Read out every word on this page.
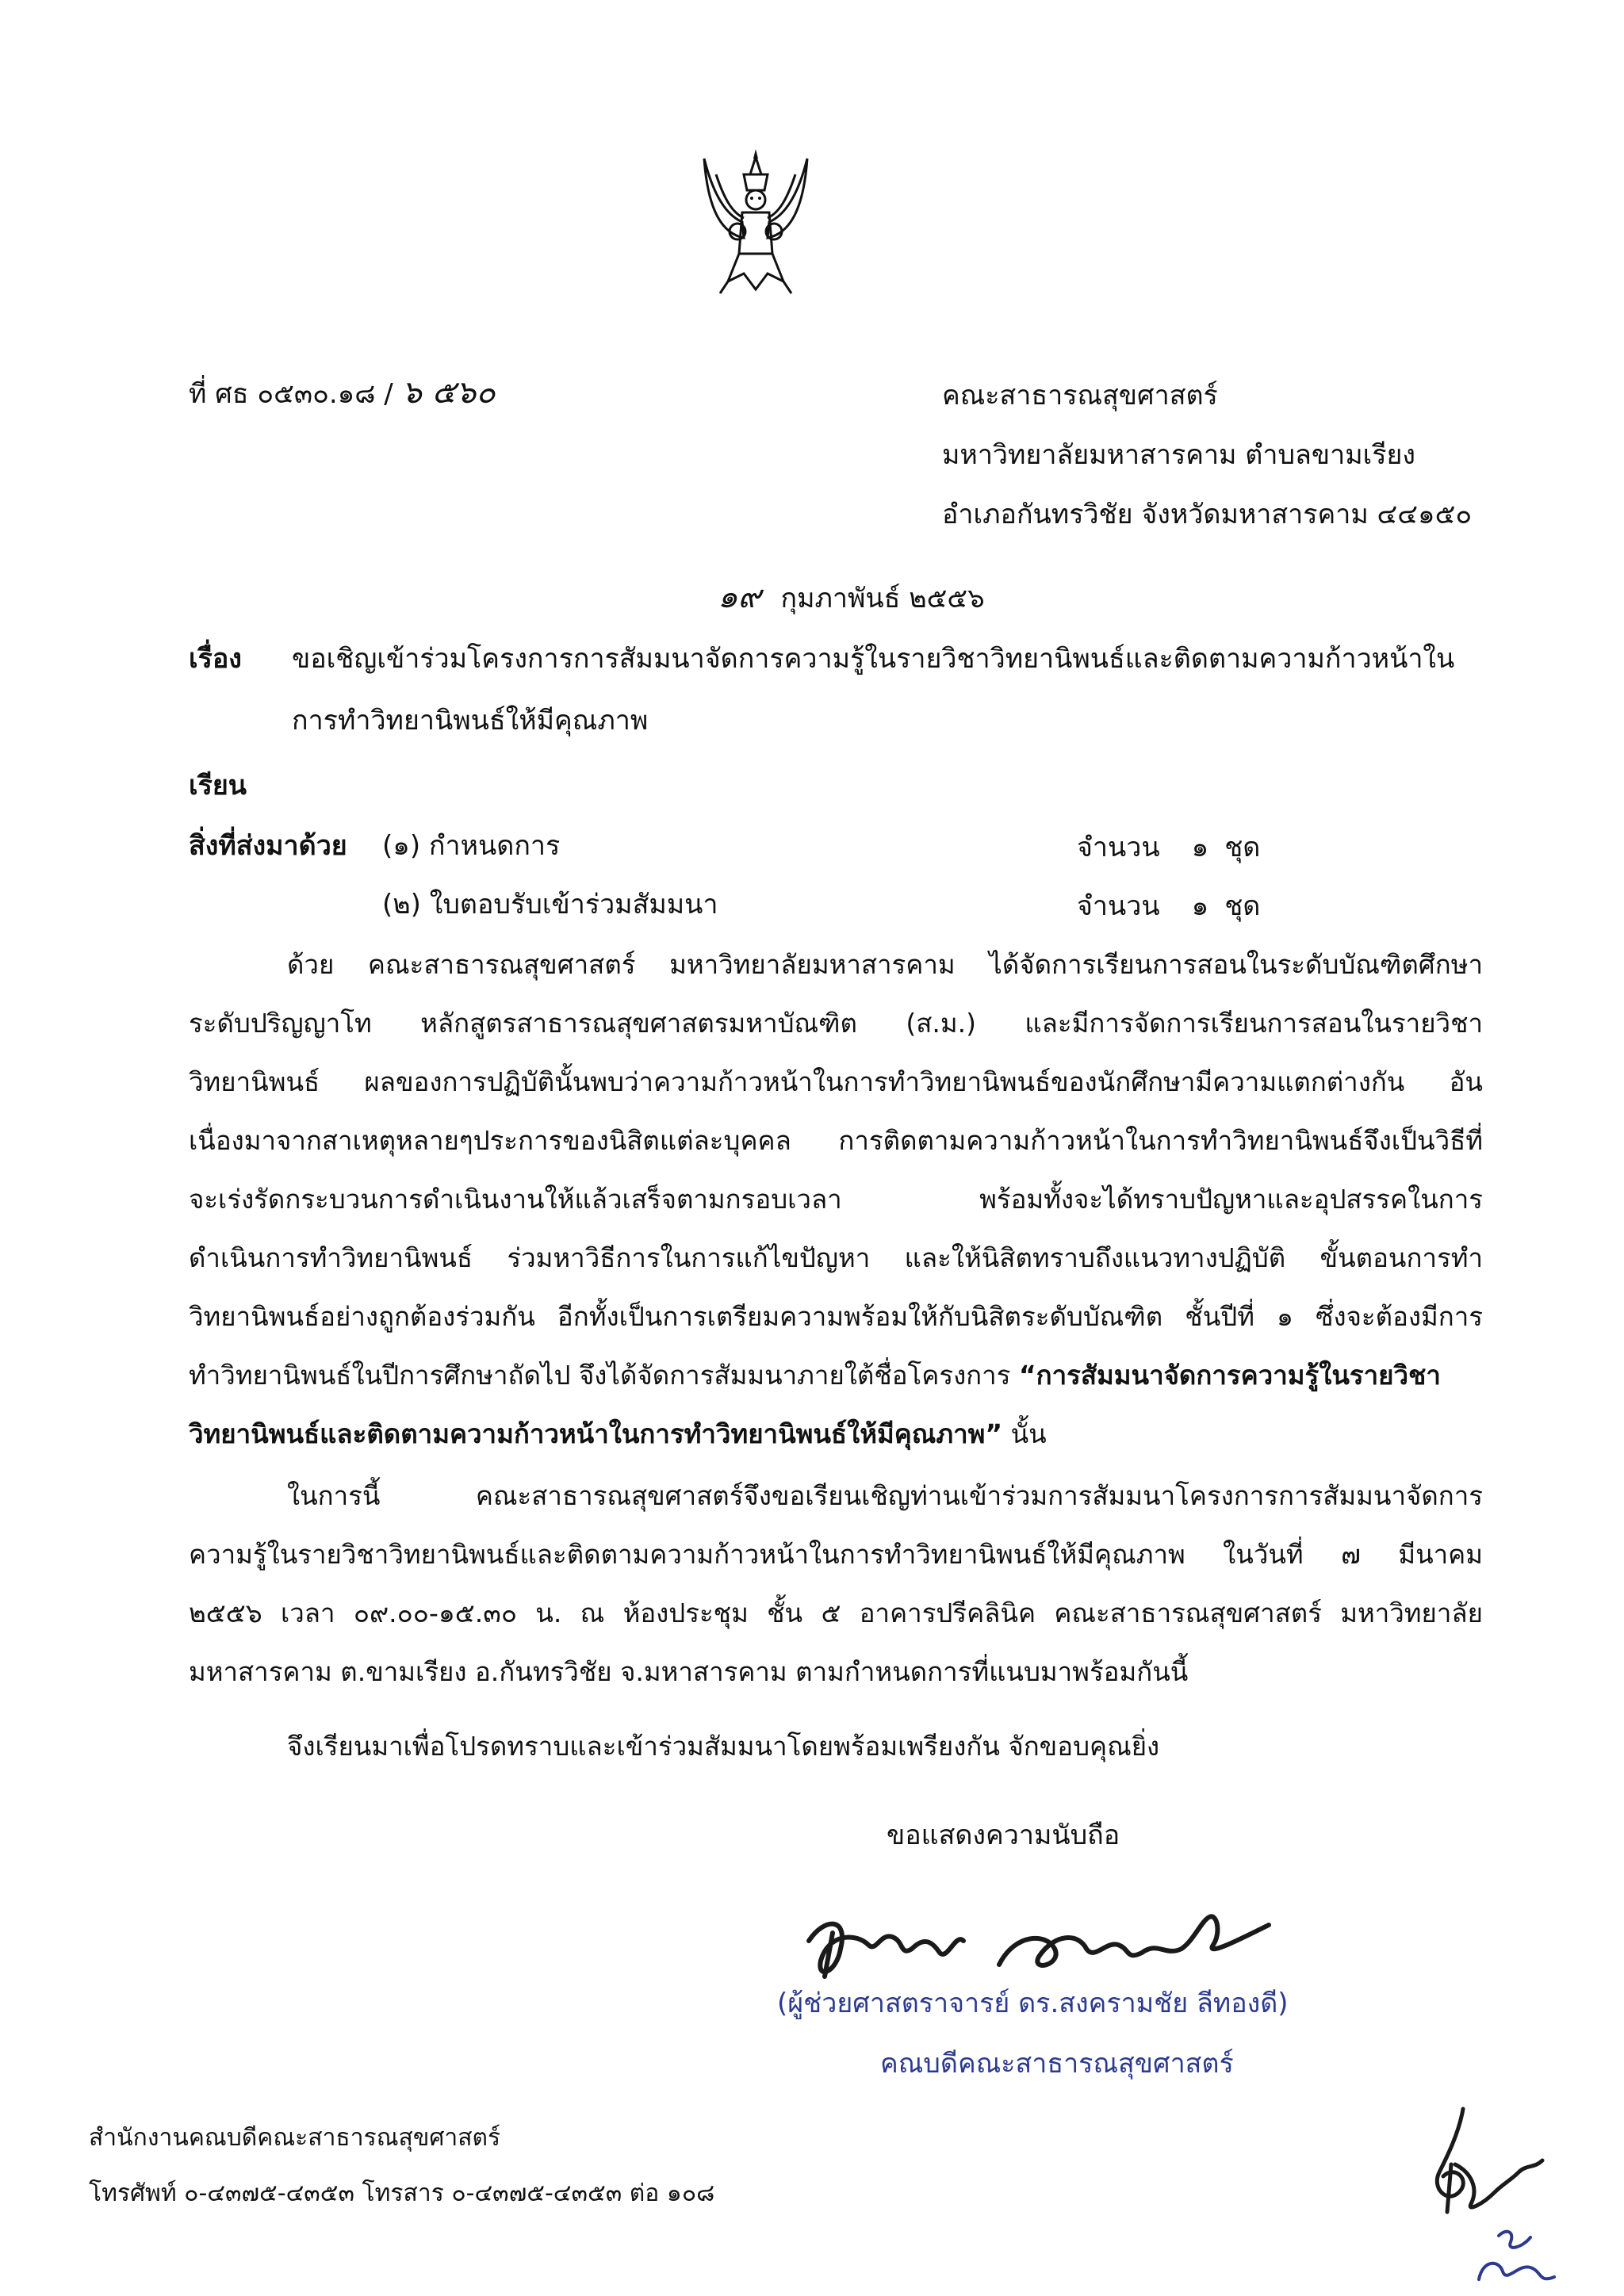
ที่ ศธ ๐๕๓๐.๑๘ / ๖ ๕๖๐	คณะสาธารณสุขศาสตร์
มหาวิทยาลัยมหาสารคาม ตำบลขามเรียง
อำเภอกันทรวิชัย จังหวัดมหาสารคาม ๔๔๑๕๐
๑๙ กุมภาพันธ์ ๒๕๕๖
เรื่อง ขอเชิญเข้าร่วมโครงการการสัมมนาจัดการความรู้ในรายวิชาวิทยานิพนธ์และติดตามความก้าวหน้าใน
การทำวิทยานิพนธ์ให้มีคุณภาพ
เรียน
สิ่งที่ส่งมาด้วย (๑) กำหนดการ	จำนวน ๑ ชุด
(๒) ใบตอบรับเข้าร่วมสัมมนา	จำนวน ๑ ชุด
ด้วย คณะสาธารณสุขศาสตร์ มหาวิทยาลัยมหาสารคาม ได้จัดการเรียนการสอนในระดับบัณฑิตศึกษา
ระดับปริญญาโท หลักสูตรสาธารณสุขศาสตรมหาบัณฑิต (ส.ม.) และมีการจัดการเรียนการสอนในรายวิชา
วิทยานิพนธ์ ผลของการปฏิบัตินั้นพบว่าความก้าวหน้าในการทำวิทยานิพนธ์ของนักศึกษามีความแตกต่างกัน อัน
เนื่องมาจากสาเหตุหลายๆประการของนิสิตแต่ละบุคคล การติดตามความก้าวหน้าในการทำวิทยานิพนธ์จึงเป็นวิธีที่
จะเร่งรัดกระบวนการดำเนินงานให้แล้วเสร็จตามกรอบเวลา พร้อมทั้งจะได้ทราบปัญหาและอุปสรรคในการ
ดำเนินการทำวิทยานิพนธ์ ร่วมหาวิธีการในการแก้ไขปัญหา และให้นิสิตทราบถึงแนวทางปฏิบัติ ขั้นตอนการทำ
วิทยานิพนธ์อย่างถูกต้องร่วมกัน อีกทั้งเป็นการเตรียมความพร้อมให้กับนิสิตระดับบัณฑิต ชั้นปีที่ ๑ ซึ่งจะต้องมีการ
ทำวิทยานิพนธ์ในปีการศึกษาถัดไป จึงได้จัดการสัมมนาภายใต้ชื่อโครงการ “การสัมมนาจัดการความรู้ในรายวิชา
วิทยานิพนธ์และติดตามความก้าวหน้าในการทำวิทยานิพนธ์ให้มีคุณภาพ” นั้น
ในการนี้ คณะสาธารณสุขศาสตร์จึงขอเรียนเชิญท่านเข้าร่วมการสัมมนาโครงการการสัมมนาจัดการ
ความรู้ในรายวิชาวิทยานิพนธ์และติดตามความก้าวหน้าในการทำวิทยานิพนธ์ให้มีคุณภาพ ในวันที่ ๗ มีนาคม
๒๕๕๖ เวลา ๐๙.๐๐-๑๕.๓๐ น. ณ ห้องประชุม ชั้น ๕ อาคารปรีคลินิค คณะสาธารณสุขศาสตร์ มหาวิทยาลัย
มหาสารคาม ต.ขามเรียง อ.กันทรวิชัย จ.มหาสารคาม ตามกำหนดการที่แนบมาพร้อมกันนี้
จึงเรียนมาเพื่อโปรดทราบและเข้าร่วมสัมมนาโดยพร้อมเพรียงกัน จักขอบคุณยิ่ง
ขอแสดงความนับถือ
(ผู้ช่วยศาสตราจารย์ ดร.สงครามชัย ลีทองดี)
คณบดีคณะสาธารณสุขศาสตร์
สำนักงานคณบดีคณะสาธารณสุขศาสตร์
โทรศัพท์ ๐-๔๓๗๕-๔๓๕๓ โทรสาร ๐-๔๓๗๕-๔๓๕๓ ต่อ ๑๐๘
